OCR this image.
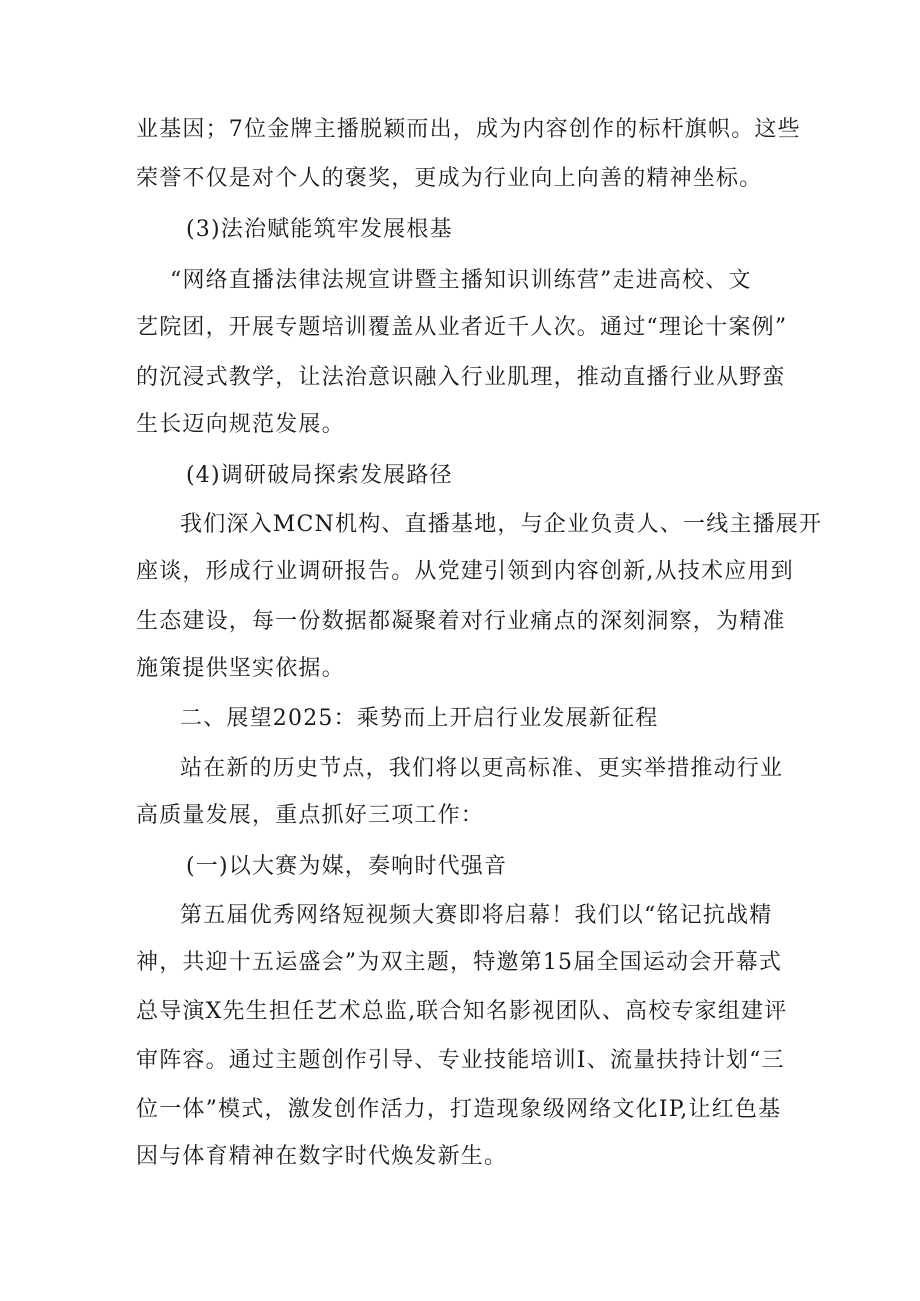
业基因；7位金牌主播脱颖而出，成为内容创作的标杆旗帜。这些
荣誉不仅是对个人的褒奖，更成为行业向上向善的精神坐标。
(3)法治赋能筑牢发展根基
“网络直播法律法规宣讲暨主播知识训练营”走进高校、文
艺院团，开展专题培训覆盖从业者近千人次。通过“理论十案例”
的沉浸式教学，让法治意识融入行业肌理，推动直播行业从野蛮
生长迈向规范发展。
(4)调研破局探索发展路径
我们深入MCN机构、直播基地，与企业负责人、一线主播展开
座谈，形成行业调研报告。从党建引领到内容创新,从技术应用到
生态建设，每一份数据都凝聚着对行业痛点的深刻洞察，为精准
施策提供坚实依据。
二、展望2025：乘势而上开启行业发展新征程
站在新的历史节点，我们将以更高标准、更实举措推动行业
高质量发展，重点抓好三项工作：
(一)以大赛为媒，奏响时代强音
第五届优秀网络短视频大赛即将启幕！我们以“铭记抗战精
神，共迎十五运盛会”为双主题，特邀第15届全国运动会开幕式
总导演X先生担任艺术总监,联合知名影视团队、高校专家组建评
审阵容。通过主题创作引导、专业技能培训I、流量扶持计划“三
位一体”模式，激发创作活力，打造现象级网络文化IP,让红色基
因与体育精神在数字时代焕发新生。
